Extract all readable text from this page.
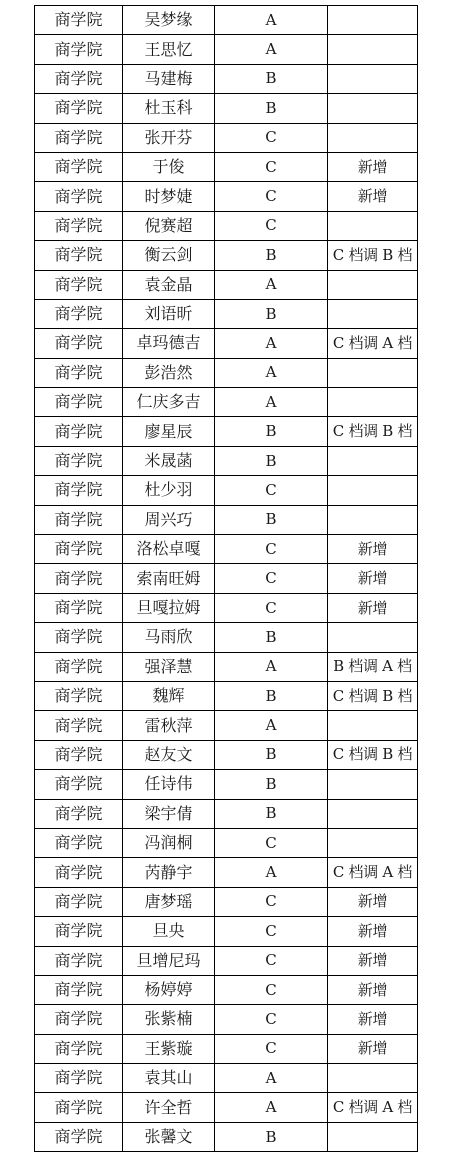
商学院	吴梦缘	A	
商学院	王思忆	A	
商学院	马建梅	B	
商学院	杜玉科	B	
商学院	张开芬	C	
商学院	于俊	C	新增
商学院	时梦婕	C	新增
商学院	倪赛超	C	
商学院	衡云剑	B	C 档调 B 档
商学院	袁金晶	A	
商学院	刘语昕	B	
商学院	卓玛德吉	A	C 档调 A 档
商学院	彭浩然	A	
商学院	仁庆多吉	A	
商学院	廖星辰	B	C 档调 B 档
商学院	米晟菡	B	
商学院	杜少羽	C	
商学院	周兴巧	B	
商学院	洛松卓嘎	C	新增
商学院	索南旺姆	C	新增
商学院	旦嘎拉姆	C	新增
商学院	马雨欣	B	
商学院	强泽慧	A	B 档调 A 档
商学院	魏辉	B	C 档调 B 档
商学院	雷秋萍	A	
商学院	赵友文	B	C 档调 B 档
商学院	任诗伟	B	
商学院	梁宇倩	B	
商学院	冯润桐	C	
商学院	芮静宇	A	C 档调 A 档
商学院	唐梦瑶	C	新增
商学院	旦央	C	新增
商学院	旦增尼玛	C	新增
商学院	杨婷婷	C	新增
商学院	张紫楠	C	新增
商学院	王紫璇	C	新增
商学院	袁其山	A	
商学院	许全哲	A	C 档调 A 档
商学院	张馨文	B	
